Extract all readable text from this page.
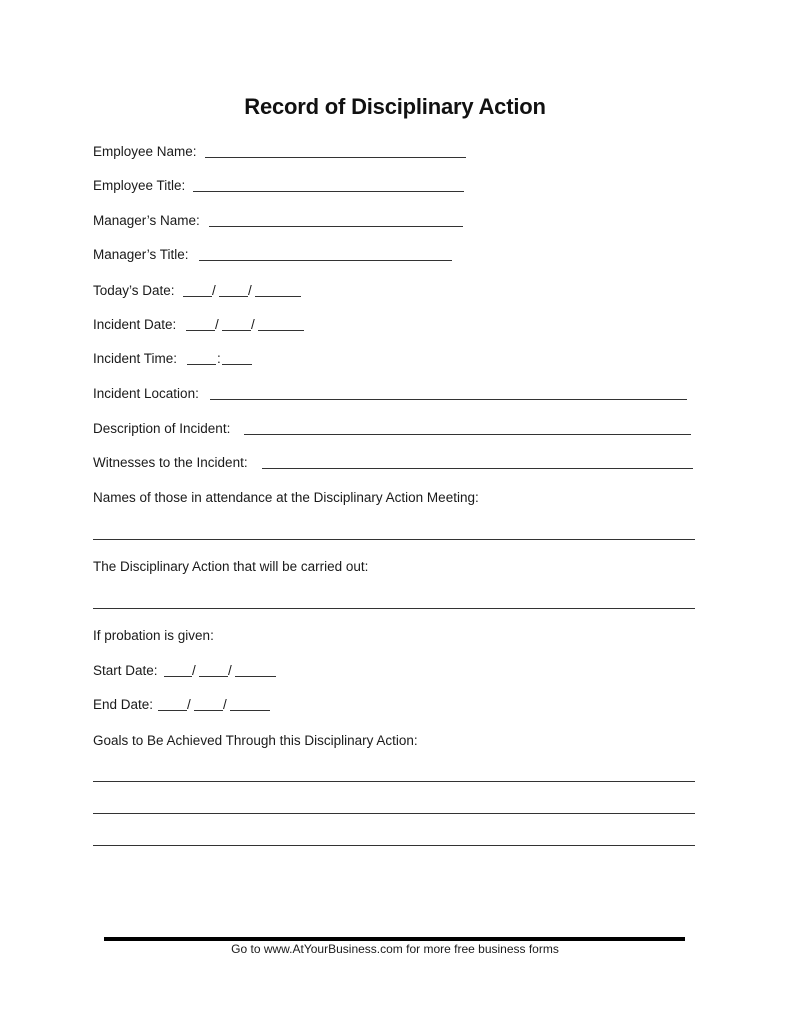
Record of Disciplinary Action
Employee Name:
Employee Title:
Manager’s Name:
Manager’s Title:
Today’s Date:	/ /
Incident Date:	/ /
Incident Time:	:
Incident Location:
Description of Incident:
Witnesses to the Incident:
Names of those in attendance at the Disciplinary Action Meeting:
The Disciplinary Action that will be carried out:
If probation is given:
Start Date:	/ /
End Date:	/ /
Goals to Be Achieved Through this Disciplinary Action:
Go to www.AtYourBusiness.com for more free business forms
